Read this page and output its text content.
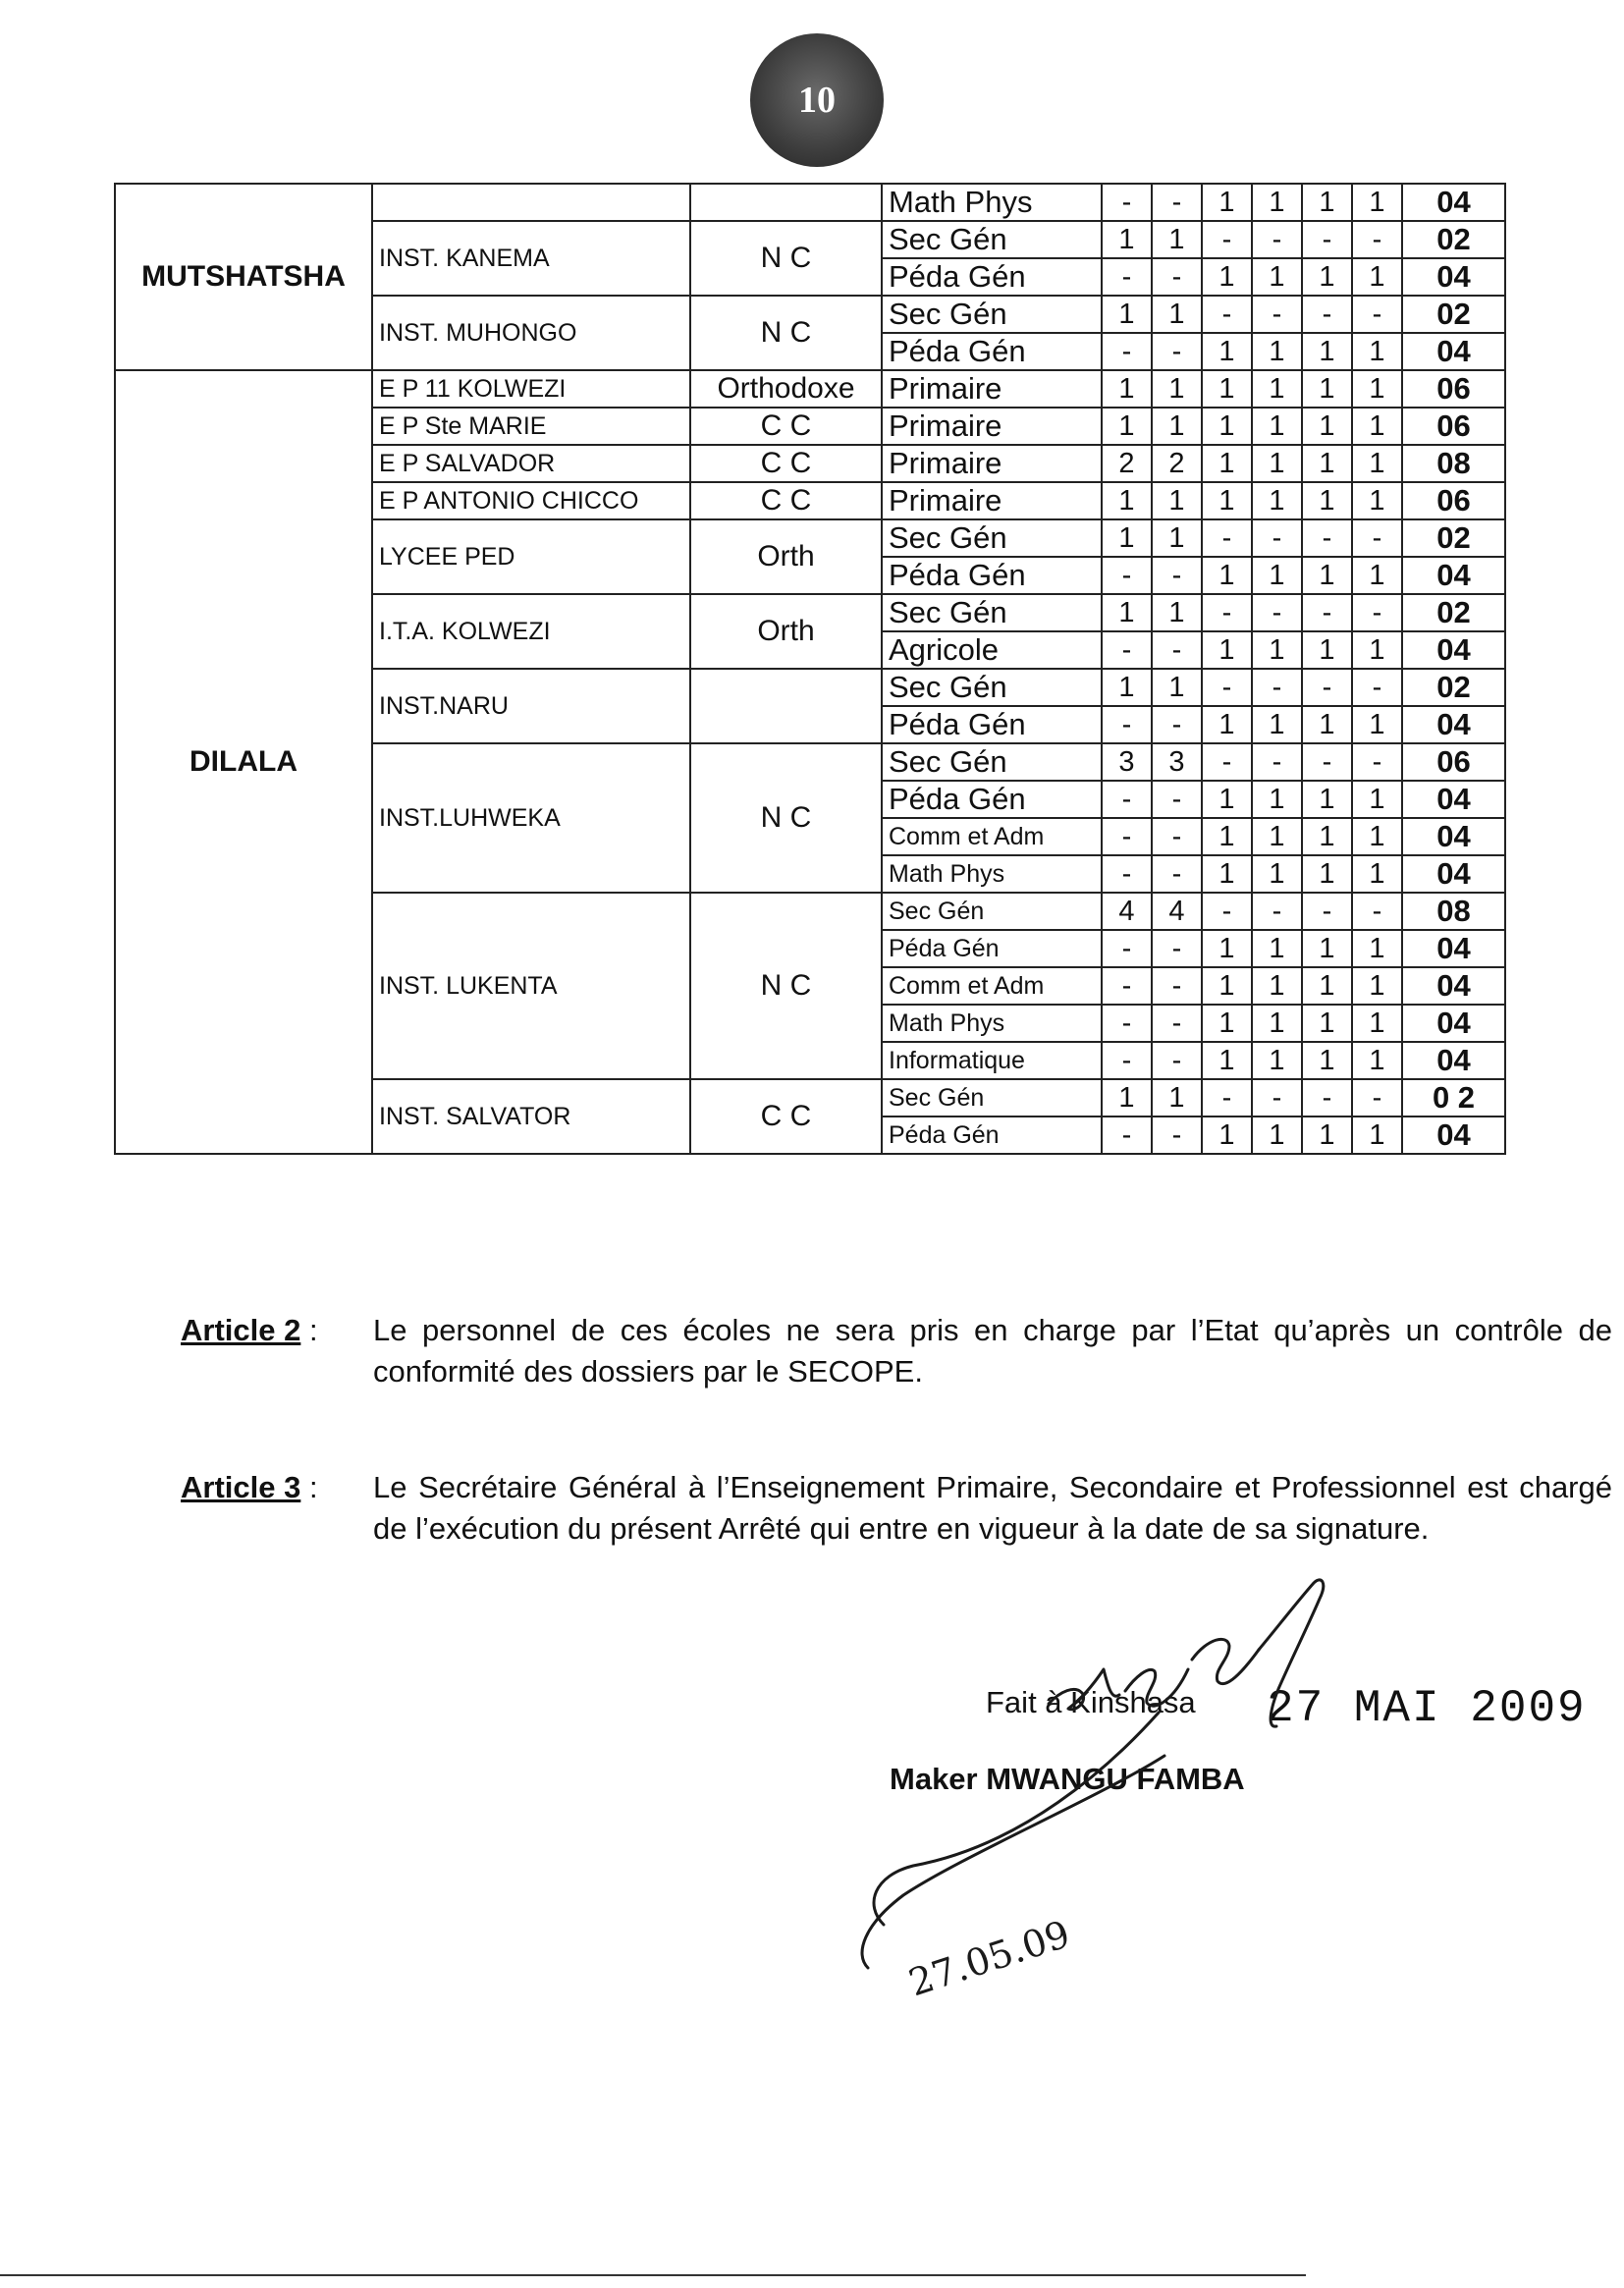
10
MUTSHATSHA			Math Phys	-	-	1	1	1	1	04
	INST. KANEMA	N C	Sec Gén	1	1	-	-	-	-	02
			Péda Gén	-	-	1	1	1	1	04
	INST. MUHONGO	N C	Sec Gén	1	1	-	-	-	-	02
			Péda Gén	-	-	1	1	1	1	04
DILALA	E P 11 KOLWEZI	Orthodoxe	Primaire	1	1	1	1	1	1	06
	E P Ste MARIE	C C	Primaire	1	1	1	1	1	1	06
	E P SALVADOR	C C	Primaire	2	2	1	1	1	1	08
	E P ANTONIO CHICCO	C C	Primaire	1	1	1	1	1	1	06
	LYCEE PED	Orth	Sec Gén	1	1	-	-	-	-	02
			Péda Gén	-	-	1	1	1	1	04
	I.T.A. KOLWEZI	Orth	Sec Gén	1	1	-	-	-	-	02
			Agricole	-	-	1	1	1	1	04
	INST.NARU		Sec Gén	1	1	-	-	-	-	02
			Péda Gén	-	-	1	1	1	1	04
	INST.LUHWEKA	N C	Sec Gén	3	3	-	-	-	-	06
			Péda Gén	-	-	1	1	1	1	04
			Comm et Adm	-	-	1	1	1	1	04
			Math Phys	-	-	1	1	1	1	04
	INST. LUKENTA	N C	Sec Gén	4	4	-	-	-	-	08
			Péda Gén	-	-	1	1	1	1	04
			Comm et Adm	-	-	1	1	1	1	04
			Math Phys	-	-	1	1	1	1	04
			Informatique	-	-	1	1	1	1	04
	INST. SALVATOR	C C	Sec Gén	1	1	-	-	-	-	0 2
			Péda Gén	-	-	1	1	1	1	04
Article 2 : Le personnel de ces écoles ne sera pris en charge par l’Etat qu’après un contrôle de conformité des dossiers par le SECOPE.
Article 3 : Le Secrétaire Général à l’Enseignement Primaire, Secondaire et Professionnel est chargé de l’exécution du présent Arrêté qui entre en vigueur à la date de sa signature.
Fait à Kinshasa 27 MAI 2009
Maker MWANGU FAMBA
27.05.09
